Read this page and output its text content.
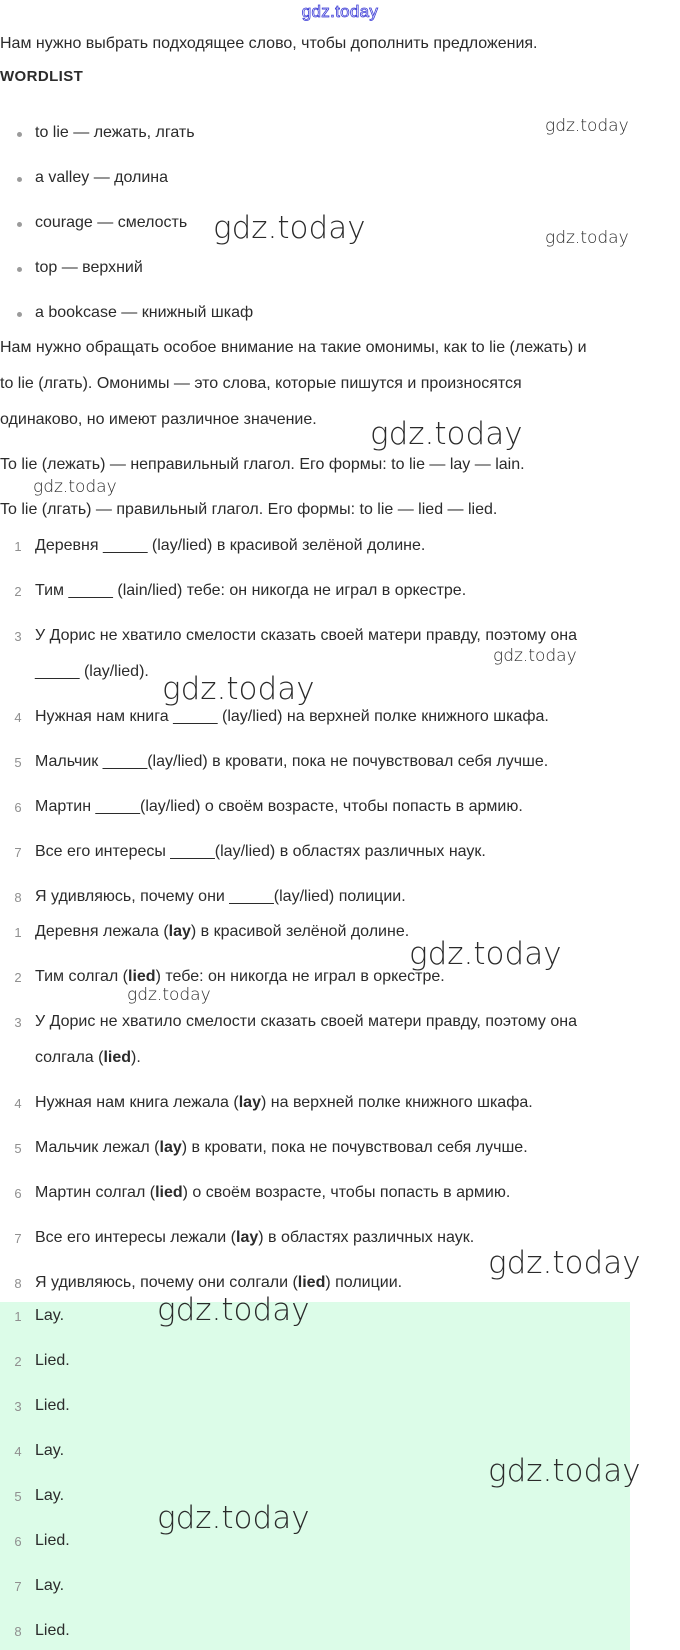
gdz.today
Нам нужно выбрать подходящее слово, чтобы дополнить предложения.
WORDLIST
to lie — лежать, лгать
a valley — долина
courage — смелость
top — верхний
a bookcase — книжный шкаф
Нам нужно обращать особое внимание на такие омонимы, как to lie (лежать) и
to lie (лгать). Омонимы — это слова, которые пишутся и произносятся
одинаково, но имеют различное значение.
To lie (лежать) — неправильный глагол. Его формы: to lie — lay — lain.
To lie (лгать) — правильный глагол. Его формы: to lie — lied — lied.
1 Деревня _____ (lay/lied) в красивой зелёной долине.
2 Тим _____ (lain/lied) тебе: он никогда не играл в оркестре.
3 У Дорис не хватило смелости сказать своей матери правду, поэтому она
_____ (lay/lied).
4 Нужная нам книга _____ (lay/lied) на верхней полке книжного шкафа.
5 Мальчик _____(lay/lied) в кровати, пока не почувствовал себя лучше.
6 Мартин _____(lay/lied) о своём возрасте, чтобы попасть в армию.
7 Все его интересы _____(lay/lied) в областях различных наук.
8 Я удивляюсь, почему они _____(lay/lied) полиции.
1 Деревня лежала (lay) в красивой зелёной долине.
2 Тим солгал (lied) тебе: он никогда не играл в оркестре.
3 У Дорис не хватило смелости сказать своей матери правду, поэтому она
солгала (lied).
4 Нужная нам книга лежала (lay) на верхней полке книжного шкафа.
5 Мальчик лежал (lay) в кровати, пока не почувствовал себя лучше.
6 Мартин солгал (lied) о своём возрасте, чтобы попасть в армию.
7 Все его интересы лежали (lay) в областях различных наук.
8 Я удивляюсь, почему они солгали (lied) полиции.
1 Lay.
2 Lied.
3 Lied.
4 Lay.
5 Lay.
6 Lied.
7 Lay.
8 Lied.
gdz.today
gdz.today	gdz.today
gdz.today
gdz.today
gdz.today
gdz.today
gdz.today
gdz.today
gdz.today
gdz.today
gdz.today
gdz.today
